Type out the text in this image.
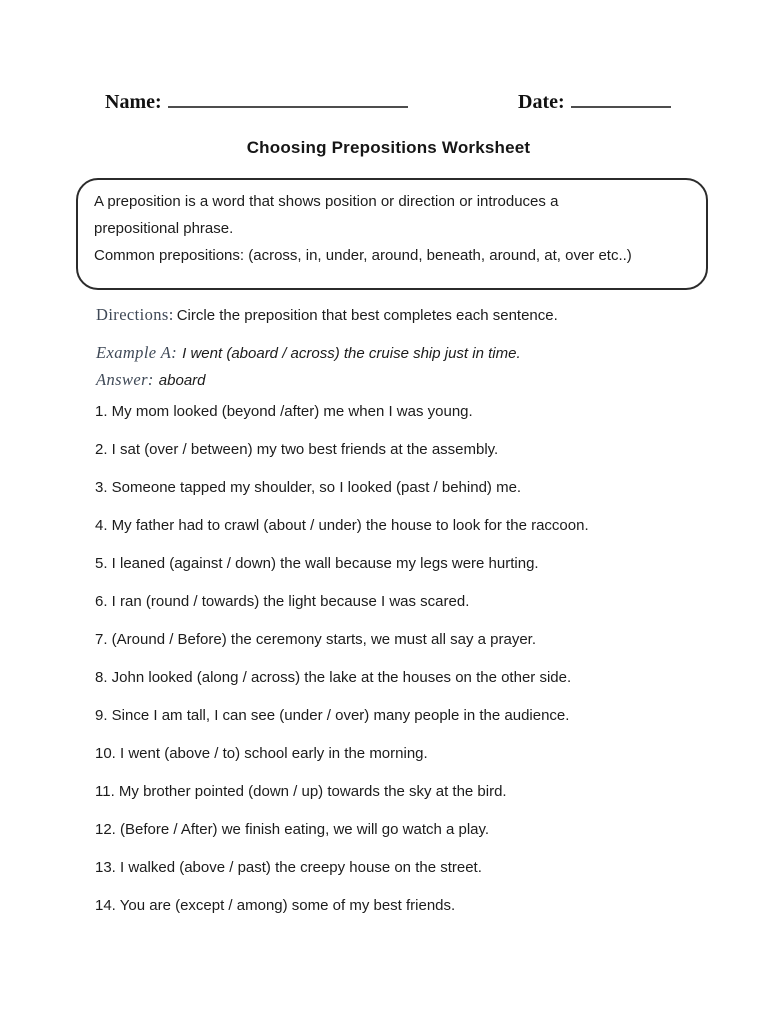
Name:	Date:
Choosing Prepositions Worksheet
A preposition is a word that shows position or direction or introduces a
prepositional phrase.
Common prepositions: (across, in, under, around, beneath, around, at, over etc..)
Directions: Circle the preposition that best completes each sentence.
Example A: I went (aboard / across) the cruise ship just in time.
Answer: aboard
1. My mom looked (beyond /after) me when I was young.
2. I sat (over / between) my two best friends at the assembly.
3. Someone tapped my shoulder, so I looked (past / behind) me.
4. My father had to crawl (about / under) the house to look for the raccoon.
5. I leaned (against / down) the wall because my legs were hurting.
6. I ran (round / towards) the light because I was scared.
7. (Around / Before) the ceremony starts, we must all say a prayer.
8. John looked (along / across) the lake at the houses on the other side.
9. Since I am tall, I can see (under / over) many people in the audience.
10. I went (above / to) school early in the morning.
11. My brother pointed (down / up) towards the sky at the bird.
12. (Before / After) we finish eating, we will go watch a play.
13. I walked (above / past) the creepy house on the street.
14. You are (except / among) some of my best friends.
